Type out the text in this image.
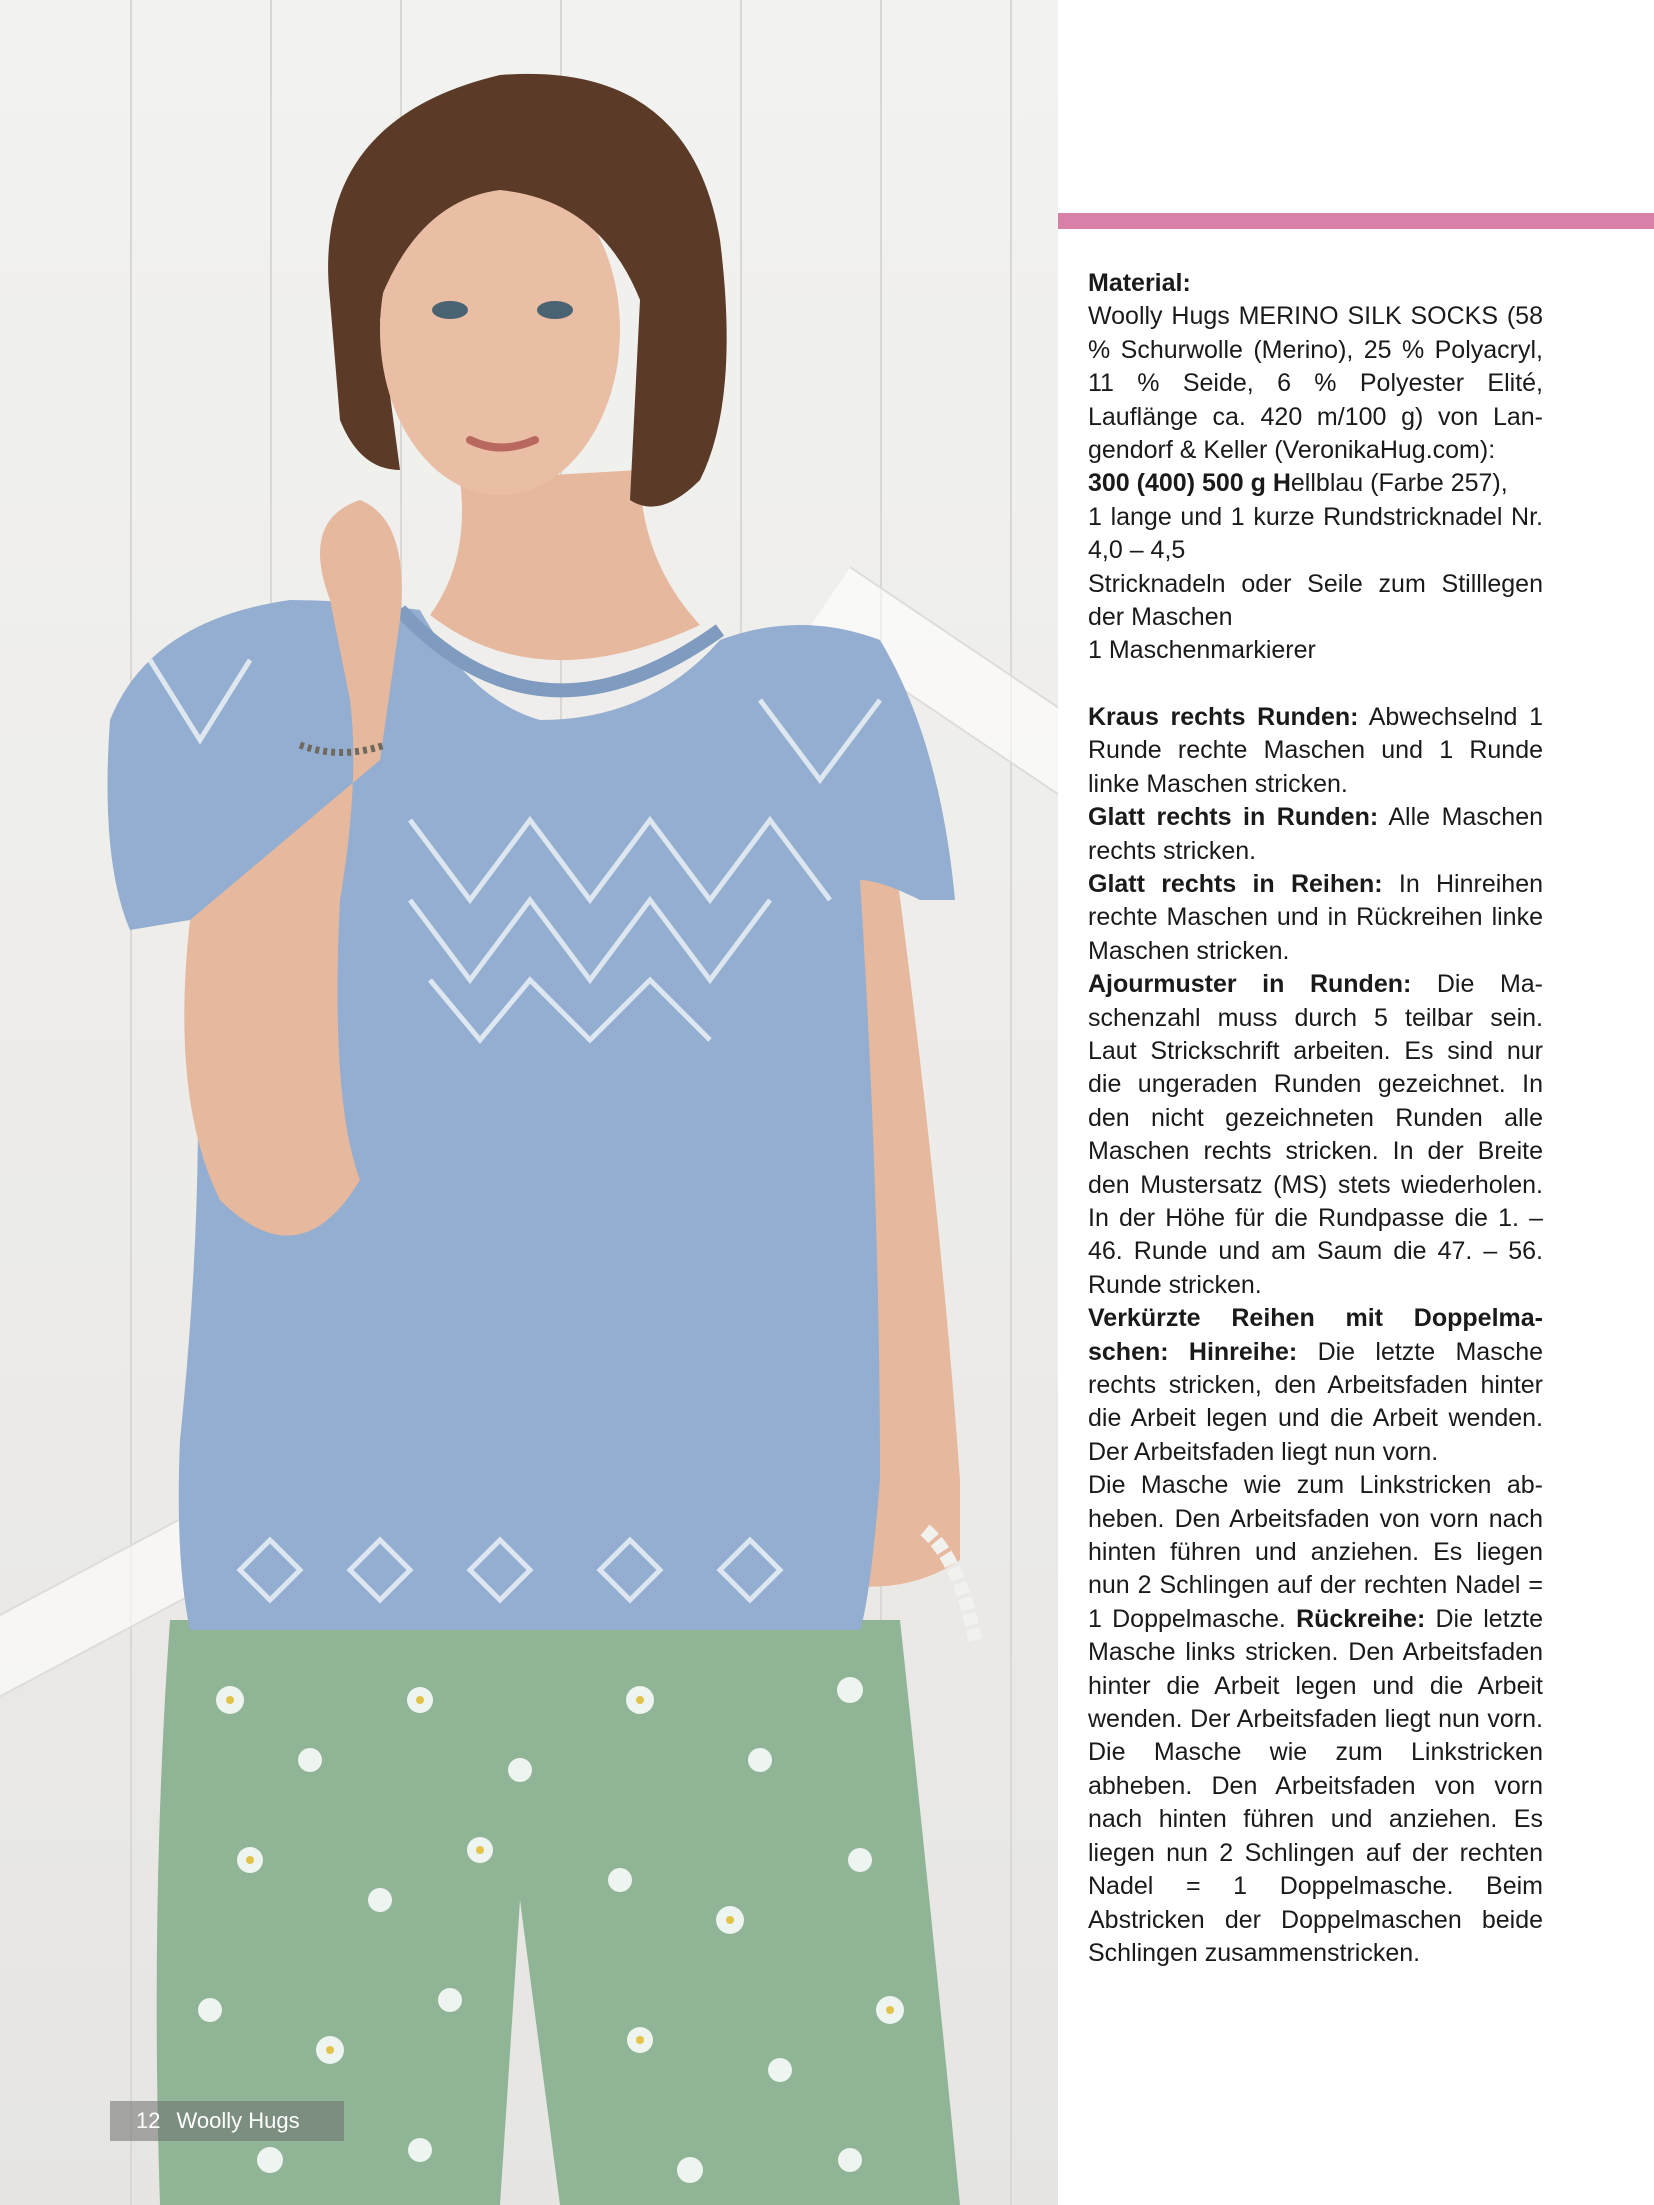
12 Woolly Hugs

Material:

Woolly Hugs MERINO SILK SOCKS (58 % Schurwolle (Merino), 25 % Polyacryl, 11 % Seide, 6 % Polyester Elité, Lauflänge ca. 420 m/100 g) von Langendorf & Keller (VeronikaHug.com):

300 (400) 500 g Hellblau (Farbe 257),

1 lange und 1 kurze Rundstricknadel Nr. 4,0 – 4,5

Stricknadeln oder Seile zum Stilllegen der Maschen

1 Maschenmarkierer

Kraus rechts Runden: Abwechselnd 1 Runde rechte Maschen und 1 Runde linke Maschen stricken.

Glatt rechts in Runden: Alle Maschen rechts stricken.

Glatt rechts in Reihen: In Hinreihen rechte Maschen und in Rückreihen linke Maschen stricken.

Ajourmuster in Runden: Die Maschenzahl muss durch 5 teilbar sein. Laut Strickschrift arbeiten. Es sind nur die ungeraden Runden gezeichnet. In den nicht gezeichneten Runden alle Maschen rechts stricken. In der Breite den Mustersatz (MS) stets wiederholen. In der Höhe für die Rundpasse die 1. – 46. Runde und am Saum die 47. – 56. Runde stricken.

Verkürzte Reihen mit Doppelmaschen: Hinreihe: Die letzte Masche rechts stricken, den Arbeitsfaden hinter die Arbeit legen und die Arbeit wenden. Der Arbeitsfaden liegt nun vorn.

Die Masche wie zum Linkstricken abheben. Den Arbeitsfaden von vorn nach hinten führen und anziehen. Es liegen nun 2 Schlingen auf der rechten Nadel = 1 Doppelmasche. Rückreihe: Die letzte Masche links stricken. Den Arbeitsfaden hinter die Arbeit legen und die Arbeit wenden. Der Arbeitsfaden liegt nun vorn. Die Masche wie zum Linkstricken abheben. Den Arbeitsfaden von vorn nach hinten führen und anziehen. Es liegen nun 2 Schlingen auf der rechten Nadel = 1 Doppelmasche. Beim Abstricken der Doppelmaschen beide Schlingen zusammenstricken.
